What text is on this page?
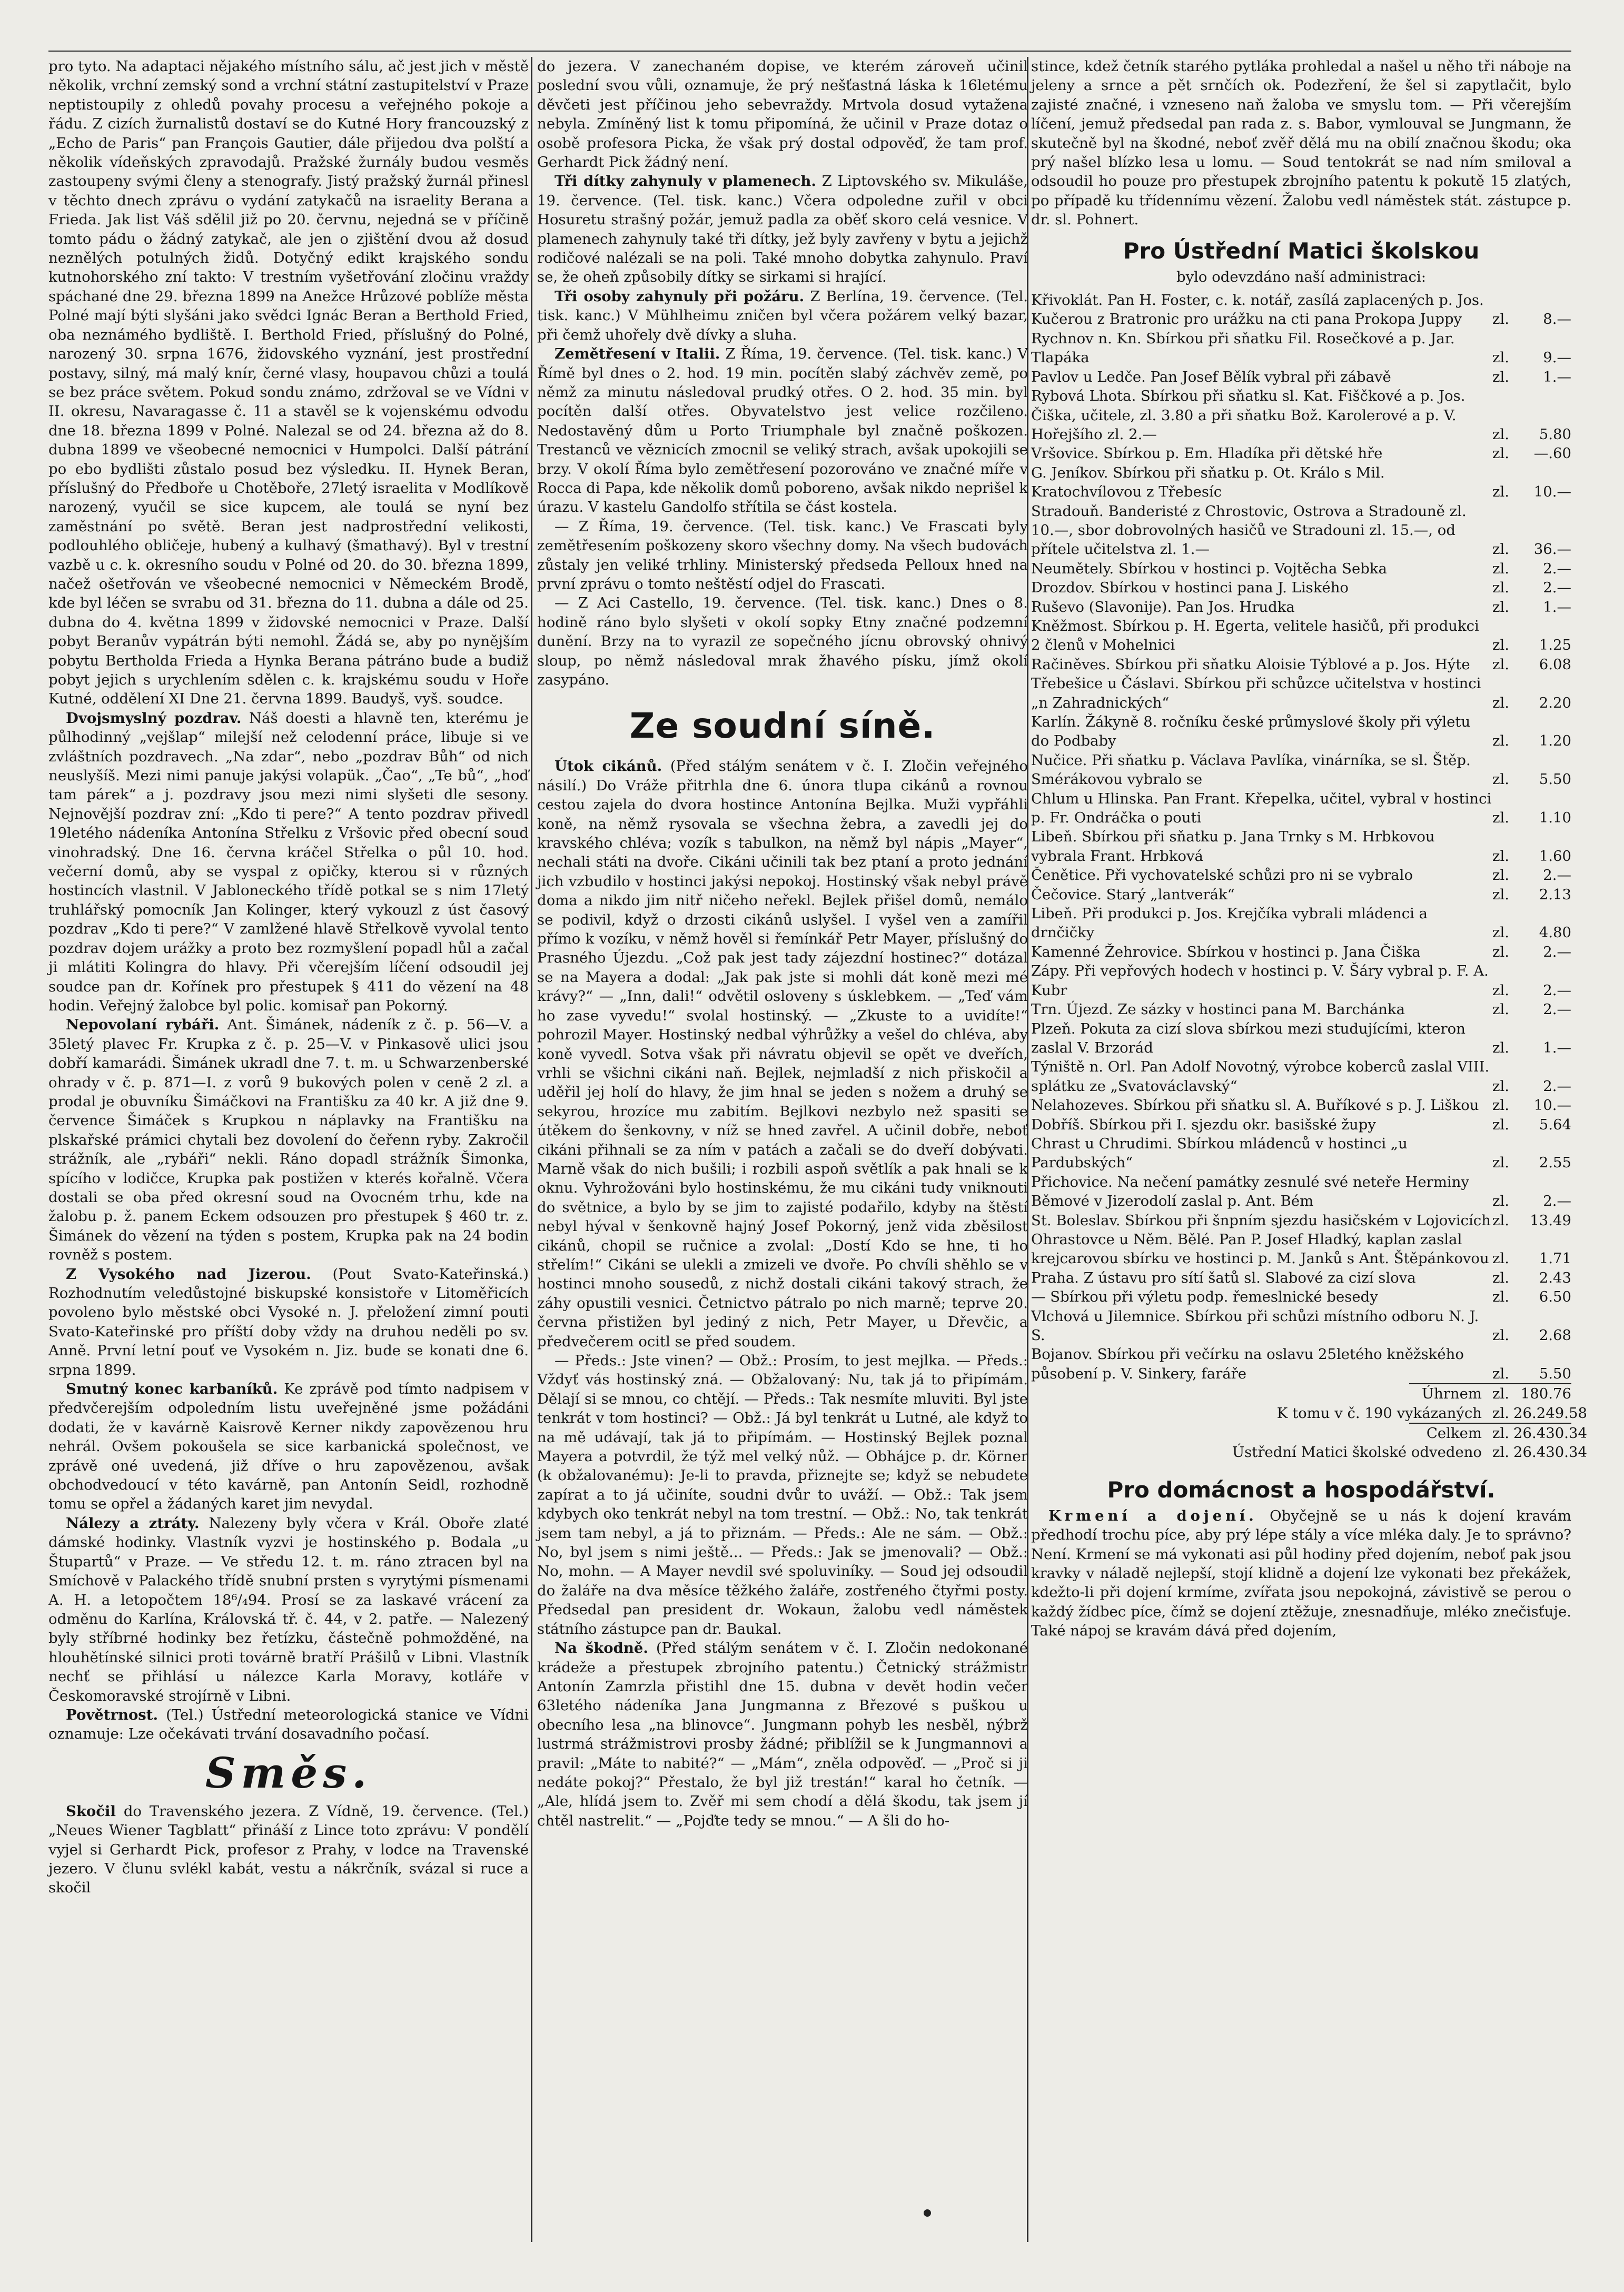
pro tyto. Na adaptaci nějakého místního sálu, ač jest jich v městě několik, vrchní zemský sond a vrchní státní zastupitelství v Praze neptistoupily z ohledů povahy procesu a veřejného pokoje a řádu. Z cizích žurnalistů dostaví se do Kutné Hory francouzský z „Echo de Paris“ pan François Gautier, dále přijedou dva polští a několik vídeňských zpravodajů. Pražské žurnály budou vesměs zastoupeny svými členy a stenografy. Jistý pražský žurnál přinesl v těchto dnech zprávu o vydání zatykačů na israelity Berana a Frieda. Jak list Váš sdělil již po 20. červnu, nejedná se v příčině tomto pádu o žádný zatykač, ale jen o zjištění dvou až dosud neznělých potulných židů. Dotyčný edikt krajského sondu kutnohorského zní takto: V trestním vyšetřování zločinu vraždy spáchané dne 29. března 1899 na Anežce Hrůzové poblíže města Polné mají býti slyšáni jako svědci Ignác Beran a Berthold Fried, oba neznámého bydliště. I. Berthold Fried, příslušný do Polné, narozený 30. srpna 1676, židovského vyznání, jest prostřední postavy, silný, má malý knír, černé vlasy, houpavou chůzi a toulá se bez práce světem. Pokud sondu známo, zdržoval se ve Vídni v II. okresu, Navaragasse č. 11 a stavěl se k vojenskému odvodu dne 18. března 1899 v Polné. Nalezal se od 24. března až do 8. dubna 1899 ve všeobecné nemocnici v Humpolci. Další pátrání po ebo bydlišti zůstalo posud bez výsledku. II. Hynek Beran, příslušný do Předboře u Chotěboře, 27letý israelita v Modlíkově narozený, vyučil se sice kupcem, ale toulá se nyní bez zaměstnání po světě. Beran jest nadprostřední velikosti, podlouhlého obličeje, hubený a kulhavý (šmathavý). Byl v trestní vazbě u c. k. okresního soudu v Polné od 20. do 30. března 1899, načež ošetřován ve všeobecné nemocnici v Německém Brodě, kde byl léčen se svrabu od 31. března do 11. dubna a dále od 25. dubna do 4. května 1899 v židovské nemocnici v Praze. Další pobyt Beranův vypátrán býti nemohl. Žádá se, aby po nynějším pobytu Bertholda Frieda a Hynka Berana pátráno bude a budiž pobyt jejich s urychlením sdělen c. k. krajskému soudu v Hoře Kutné, oddělení XI Dne 21. června 1899. Baudyš, vyš. soudce.

Dvojsmyslný pozdrav. Náš doesti a hlavně ten, kterému je půlhodinný „vejšlap“ milejší než celodenní práce, libuje si ve zvláštních pozdravech. „Na zdar“, nebo „pozdrav Bůh“ od nich neuslyšíš. Mezi nimi panuje jakýsi volapük. „Čao“, „Te bů“, „hoď tam párek“ a j. pozdravy jsou mezi nimi slyšeti dle sesony. Nejnovější pozdrav zní: „Kdo ti pere?“ A tento pozdrav přivedl 19letého nádeníka Antonína Střelku z Vršovic před obecní soud vinohradský. Dne 16. června kráčel Střelka o půl 10. hod. večerní domů, aby se vyspal z opičky, kterou si v různých hostincích vlastnil. V Jabloneckého třídě potkal se s nim 17letý truhlářský pomocník Jan Kolinger, který vykouzl z úst časový pozdrav „Kdo ti pere?“ V zamlžené hlavě Střelkově vyvolal tento pozdrav dojem urážky a proto bez rozmyšlení popadl hůl a začal ji mlátiti Kolingra do hlavy. Při včerejším líčení odsoudil jej soudce pan dr. Kořínek pro přestupek § 411 do vězení na 48 hodin. Veřejný žalobce byl polic. komisař pan Pokorný.

Nepovolaní rybáři. Ant. Šimánek, nádeník z č. p. 56—V. a 35letý plavec Fr. Krupka z č. p. 25—V. v Pinkasově ulici jsou dobří kamarádi. Šimánek ukradl dne 7. t. m. u Schwarzenberské ohrady v č. p. 871—I. z vorů 9 bukových polen v ceně 2 zl. a prodal je obuvníku Šimáčkovi na Františku za 40 kr. A již dne 9. července Šimáček s Krupkou n náplavky na Františku na plskařské prámici chytali bez dovolení do čeřenn ryby. Zakročil strážník, ale „rybáři“ nekli. Ráno dopadl strážník Šimonka, spícího v lodičce, Krupka pak postižen v kterés kořalně. Včera dostali se oba před okresní soud na Ovocném trhu, kde na žalobu p. ž. panem Eckem odsouzen pro přestupek § 460 tr. z. Šimánek do vězení na týden s postem, Krupka pak na 24 bodin rovněž s postem.

Z Vysokého nad Jizerou. (Pout Svato-Kateřinská.) Rozhodnutím veledůstojné biskupské konsistoře v Litoměřicích povoleno bylo městské obci Vysoké n. J. přeložení zimní pouti Svato-Kateřinské pro příští doby vždy na druhou neděli po sv. Anně. První letní pouť ve Vysokém n. Jiz. bude se konati dne 6. srpna 1899.

Smutný konec karbaníků. Ke zprávě pod tímto nadpisem v předvčerejším odpoledním listu uveřejněné jsme požádáni dodati, že v kavárně Kaisrově Kerner nikdy zapovězenou hru nehrál. Ovšem pokoušela se sice karbanická společnost, ve zprávě oné uvedená, již dříve o hru zapovězenou, avšak obchodvedoucí v této kavárně, pan Antonín Seidl, rozhodně tomu se opřel a žádaných karet jim nevydal.

Nálezy a ztráty. Nalezeny byly včera v Král. Oboře zlaté dámské hodinky. Vlastník vyzvi je hostinského p. Bodala „u Štupartů“ v Praze. — Ve středu 12. t. m. ráno ztracen byl na Smíchově v Palackého třídě snubní prsten s vyrytými písmenami A. H. a letopočtem 18⁶/₄94. Prosí se za laskavé vrácení za odměnu do Karlína, Královská tř. č. 44, v 2. patře. — Nalezený byly stříbrné hodinky bez řetízku, částečně pohmožděné, na hlouhětínské silnici proti továrně bratří Prášilů v Libni. Vlastník nechť se přihlásí u nálezce Karla Moravy, kotláře v Českomoravské strojírně v Libni.

Povětrnost. (Tel.) Ústřední meteorologická stanice ve Vídni oznamuje: Lze očekávati trvání dosavadního počasí.

Směs.

Skočil do Travenského jezera. Z Vídně, 19. července. (Tel.) „Neues Wiener Tagblatt“ přináší z Lince toto zprávu: V pondělí vyjel si Gerhardt Pick, profesor z Prahy, v lodce na Travenské jezero. V člunu svlékl kabát, vestu a nákrčník, svázal si ruce a skočil

do jezera. V zanechaném dopise, ve kterém zároveň učinil poslední svou vůli, oznamuje, že prý nešťastná láska k 16letému děvčeti jest příčinou jeho sebevraždy. Mrtvola dosud vytažena nebyla. Zmíněný list k tomu připomíná, že učinil v Praze dotaz o osobě profesora Picka, že však prý dostal odpověď, že tam prof. Gerhardt Pick žádný není.

Tři dítky zahynuly v plamenech. Z Liptovského sv. Mikuláše, 19. července. (Tel. tisk. kanc.) Včera odpoledne zuřil v obci Hosuretu strašný požár, jemuž padla za oběť skoro celá vesnice. V plamenech zahynuly také tři dítky, jež byly zavřeny v bytu a jejichž rodičové nalézali se na poli. Také mnoho dobytka zahynulo. Praví se, že oheň způsobily dítky se sirkami si hrající.

Tři osoby zahynuly při požáru. Z Berlína, 19. července. (Tel. tisk. kanc.) V Mühlheimu zničen byl včera požárem velký bazar, při čemž uhořely dvě dívky a sluha.

Zemětřesení v Italii. Z Říma, 19. července. (Tel. tisk. kanc.) V Římě byl dnes o 2. hod. 19 min. pocítěn slabý záchvěv země, po němž za minutu následoval prudký otřes. O 2. hod. 35 min. byl pocítěn další otřes. Obyvatelstvo jest velice rozčileno. Nedostavěný dům u Porto Triumphale byl značně poškozen. Trestanců ve věznicích zmocnil se veliký strach, avšak upokojili se brzy. V okolí Říma bylo zemětřesení pozorováno ve značné míře v Rocca di Papa, kde několik domů poboreno, avšak nikdo neprišel k úrazu. V kastelu Gandolfo střítila se část kostela.

— Z Říma, 19. července. (Tel. tisk. kanc.) Ve Frascati byly zemětřesením poškozeny skoro všechny domy. Na všech budovách zůstaly jen veliké trhliny. Ministerský předseda Pelloux hned na první zprávu o tomto neštěstí odjel do Frascati.

— Z Aci Castello, 19. července. (Tel. tisk. kanc.) Dnes o 8. hodině ráno bylo slyšeti v okolí sopky Etny značné podzemní dunění. Brzy na to vyrazil ze sopečného jícnu obrovský ohnivý sloup, po němž následoval mrak žhavého písku, jímž okolí zasypáno.

Ze soudní síně.

Útok cikánů. (Před stálým senátem v č. I. Zločin veřejného násilí.) Do Vráže přitrhla dne 6. února tlupa cikánů a rovnou cestou zajela do dvora hostince Antonína Bejlka. Muži vypřáhli koně, na němž rysovala se všechna žebra, a zavedli jej do kravského chlévа; vozík s tabulkon, na němž byl nápis „Mayer“, nechali státi na dvoře. Cikáni učinili tak bez ptaní a proto jednání jich vzbudilo v hostinci jakýsi nepokoj. Hostinský však nebyl právě doma a nikdo jim nitř ničeho neřekl. Bejlek přišel domů, nemálo se podivil, když o drzosti cikánů uslyšel. I vyšel ven a zamířil přímo k vozíku, v němž hověl si řemínkář Petr Mayer, příslušný do Prasného Újezdu. „Což pak jest tady zájezdní hostinec?“ dotázal se na Mayera a dodal: „Jak pak jste si mohli dát koně mezi mé krávy?“ — „Inn, dali!“ odvětil osloveny s úsklebkem. — „Teď vám ho zase vyvedu!“ svolal hostinský. — „Zkuste to a uvidíte!“ pohrozil Mayer. Hostinský nedbal výhrůžky a vešel do chléva, aby koně vyvedl. Sotva však při návratu objevil se opět ve dveřích, vrhli se všichni cikáni naň. Bejlek, nejmladší z nich přiskočil a uděřil jej holí do hlavy, že jim hnal se jeden s nožem a druhý se sekyrou, hrozíce mu zabitím. Bejlkovi nezbylo než spasiti se útěkem do šenkovny, v níž se hned zavřel. A učinil dobře, neboť cikáni přihnali se za ním v patách a začali se do dveří dobývati. Marně však do nich bušili; i rozbili aspoň světlík a pak hnali se k oknu. Vyhrožováni bylo hostinskému, že mu cikáni tudy vniknouti do světnice, a bylo by se jim to zajisté podařilo, kdyby na štěstí nebyl hýval v šenkovně hajný Josef Pokorný, jenž vida zběsilost cikánů, chopil se ručnice a zvolal: „Dostí Kdo se hne, ti ho střelím!“ Cikáni se ulekli a zmizeli ve dvoře. Po chvíli shěhlo se v hostinci mnoho sousedů, z nichž dostali cikáni takový strach, že záhy opustili vesnici. Četnictvo pátralo po nich marně; teprve 20. června přistižen byl jediný z nich, Petr Mayer, u Dřevčic, a předvečerem ocitl se před soudem.

— Předs.: Jste vinen? — Obž.: Prosím, to jest mejlka. — Předs.: Vždyť vás hostinský zná. — Obžalovaný: Nu, tak já to připímám. Dělají si se mnou, co chtějí. — Předs.: Tak nesmíte mluviti. Byl jste tenkrát v tom hostinci? — Obž.: Já byl tenkrát u Lutné, ale když to na mě udávají, tak já to připímám. — Hostinský Bejlek poznal Mayera a potvrdil, že týž mel velký nůž. — Obhájce p. dr. Körner (k obžalovanému): Je-li to pravda, přiznejte se; když se nebudete zapírat a to já učiníte, soudni dvůr to uváží. — Obž.: Tak jsem kdybych oko tenkrát nebyl na tom trestní. — Obž.: No, tak tenkrát jsem tam nebyl, a já to přiznám. — Předs.: Ale ne sám. — Obž.: No, byl jsem s nimi ještě... — Předs.: Jak se jmenovali? — Obž.: No, mohn. — A Mayer nevdil své spoluviníky. — Soud jej odsoudil do žaláře na dva měsíce těžkého žaláře, zostřeného čtyřmi posty. Předsedal pan president dr. Wokaun, žalobu vedl náměstek státního zástupce pan dr. Baukal.

Na škodně. (Před stálým senátem v č. I. Zločin nedokonané krádeže a přestupek zbrojního patentu.) Četnický strážmistr Antonín Zamrzla přistihl dne 15. dubna v devět hodin večer 63letého nádeníka Jana Jungmanna z Březové s puškou u obecního lesa „na blinovce“. Jungmann pohyb les nesběl, nýbrž lustrmá strážmistrovi prosby žádné; přiblížil se k Jungmannovi a pravil: „Máte to nabité?“ — „Mám“, zněla odpověď. — „Proč si ji nedáte pokoj?“ Přestalo, že byl již trestán!“ karal ho četník. — „Ale, hlídá jsem to. Zvěř mi sem chodí a dělá škodu, tak jsem jí chtěl nastrelit.“ — „Pojďte tedy se mnou.“ — A šli do ho-

stince, kdež četník starého pytláka prohledal a našel u něho tři náboje na jeleny a srnce a pět srnčích ok. Podezření, že šel si zapytlačit, bylo zajisté značné, i vzneseno naň žaloba ve smyslu tom. — Při včerejším líčení, jemuž předsedal pan rada z. s. Babor, vymlouval se Jungmann, že skutečně byl na škodné, neboť zvěř dělá mu na obilí značnou škodu; oka prý našel blízko lesa u lomu. — Soud tentokrát se nad ním smiloval a odsoudil ho pouze pro přestupek zbrojního patentu k pokutě 15 zlatých, po případě ku třídennímu vězení. Žalobu vedl náměstek stát. zástupce p. dr. sl. Pohnert.

Pro Ústřední Matici školskou
bylo odevzdáno naší administraci:
Křivoklát. Pan H. Foster, c. k. notář, zasílá zaplacených p. Jos. Kučerou z Bratronic pro urážku na cti pana Prokopa Juppy	zl.	8.—
Rychnov n. Kn. Sbírkou při sňatku Fil. Rosečkové a p. Jar. Tlapáka	zl.	9.—
Pavlov u Ledče. Pan Josef Bělík vybral při zábavě	zl.	1.—
Rybová Lhota. Sbírkou při sňatku sl. Kat. Fiščkové a p. Jos. Čiška, učitele, zl. 3.80 a při sňatku Bož. Karolerové a p. V. Hořejšího zl. 2.—	zl.	5.80
Vršovice. Sbírkou p. Em. Hladíka při dětské hře	zl.	—.60
G. Jeníkov. Sbírkou při sňatku p. Ot. Králo s Mil. Kratochvílovou z Třebesíc	zl.	10.—
Stradouň. Banderisté z Chrostovic, Ostrova a Stradouně zl. 10.—, sbor dobrovolných hasičů ve Stradouni zl. 15.—, od přítele učitelstva zl. 1.—	zl.	36.—
Neumětely. Sbírkou v hostinci p. Vojtěcha Sebka	zl.	2.—
Drozdov. Sbírkou v hostinci pana J. Liského	zl.	2.—
Ruševo (Slavonije). Pan Jos. Hrudka	zl.	1.—
Kněžmost. Sbírkou p. H. Egerta, velitele hasičů, při produkci 2 členů v Mohelnici	zl.	1.25
Račiněves. Sbírkou při sňatku Aloisie Týblové a p. Jos. Hýte	zl.	6.08
Třebešice u Čáslavi. Sbírkou při schůzce učitelstva v hostinci „n Zahradnických“	zl.	2.20
Karlín. Žákyně 8. ročníku české průmyslové školy při výletu do Podbaby	zl.	1.20
Nučice. Při sňatku p. Václava Pavlíka, vinárníka, se sl. Štěp. Smérákovou vybralo se	zl.	5.50
Chlum u Hlinska. Pan Frant. Křepelka, učitel, vybral v hostinci p. Fr. Ondráčka o pouti	zl.	1.10
Libeň. Sbírkou při sňatku p. Jana Trnky s M. Hrbkovou vybrala Frant. Hrbková	zl.	1.60
Čenětice. Při vychovatelské schůzi pro ni se vybralo	zl.	2.—
Čečovice. Starý „lantverák“	zl.	2.13
Libeň. Při produkci p. Jos. Krejčíka vybrali mládenci a drnčičky	zl.	4.80
Kamenné Žehrovice. Sbírkou v hostinci p. Jana Čiška	zl.	2.—
Zápy. Při vepřových hodech v hostinci p. V. Šáry vybral p. F. A. Kubr	zl.	2.—
Trn. Újezd. Ze sázky v hostinci pana M. Barchánka	zl.	2.—
Plzeň. Pokuta za cizí slova sbírkou mezi studujícími, kteron zaslal V. Brzorád	zl.	1.—
Týniště n. Orl. Pan Adolf Novotný, výrobce koberců zaslal VIII. splátku ze „Svatováclavský“	zl.	2.—
Nelahozeves. Sbírkou při sňatku sl. A. Buříkové s p. J. Liškou zl.	10.—
Dobříš. Sbírkou při I. sjezdu okr. basišské župy	zl.	5.64
Chrast u Chrudimi. Sbírkou mládenců v hostinci „u Pardubských“	zl.	2.55
Přichovice. Na nečení památky zesnulé své neteře Herminy Běmové v Jizerodolí zaslal p. Ant. Bém	zl.	2.—
St. Boleslav. Sbírkou při šnpním sjezdu hasičském v Lojovicích zl.	13.49
Ohrastovce u Něm. Bělé. Pan P. Josef Hladký, kaplan zaslal krejcarovou sbírku ve hostinci p. M. Janků s Ant. Štěpánkovou zl.	1.71
Praha. Z ústavu pro sítí šatů sl. Slabové za cizí slova	zl.	2.43
— Sbírkou při výletu podp. řemeslnické besedy	zl.	6.50
Vlchová u Jilemnice. Sbírkou při schůzi místního odboru N. J. S.	zl.	2.68
Bojanov. Sbírkou při večírku na oslavu 25letého kněžského působení p. V. Sinkery, faráře	zl.	5.50
Úhrnem zl. 180.76
K tomu v č. 190 vykázaných zl. 26.249.58
Celkem zl. 26.430.34
Ústřední Matici školské odvedeno zl. 26.430.34
Pro domácnost a hospodářství.

Krmení a dojení. Obyčejně se u nás k dojení kravám předhodí trochu píce, aby prý lépe stály a více mléka daly. Je to správno? Není. Krmení se má vykonati asi půl hodiny před dojením, neboť pak jsou kravky v náladě nejlepší, stojí klidně a dojení lze vykonati bez překážek, kdežto-li při dojení krmíme, zvířata jsou nepokojná, závistivě se perou o každý žídbec píce, čímž se dojení ztěžuje, znesnadňuje, mléko znečisťuje. Také nápoj se kravám dává před dojením,
